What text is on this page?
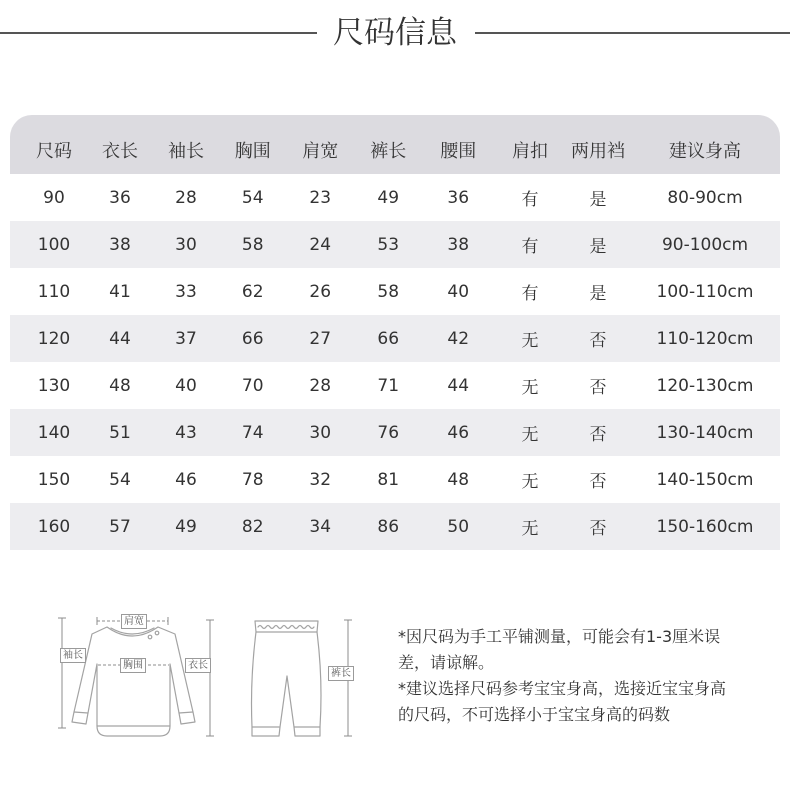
尺码信息
尺码	衣长	袖长	胸围	肩宽	裤长	腰围	肩扣	两用裆	建议身高
90	36	28	54	23	49	36	有	是	80-90cm
100	38	30	58	24	53	38	有	是	90-100cm
110	41	33	62	26	58	40	有	是	100-110cm
120	44	37	66	27	66	42	无	否	110-120cm
130	48	40	70	28	71	44	无	否	120-130cm
140	51	43	74	30	76	46	无	否	130-140cm
150	54	46	78	32	81	48	无	否	140-150cm
160	57	49	82	34	86	50	无	否	150-160cm
肩宽
袖长
胸围	衣长
裤长
*因尺码为手工平铺测量，可能会有1-3厘米误
差，请谅解。
*建议选择尺码参考宝宝身高，选接近宝宝身高
的尺码，不可选择小于宝宝身高的码数
